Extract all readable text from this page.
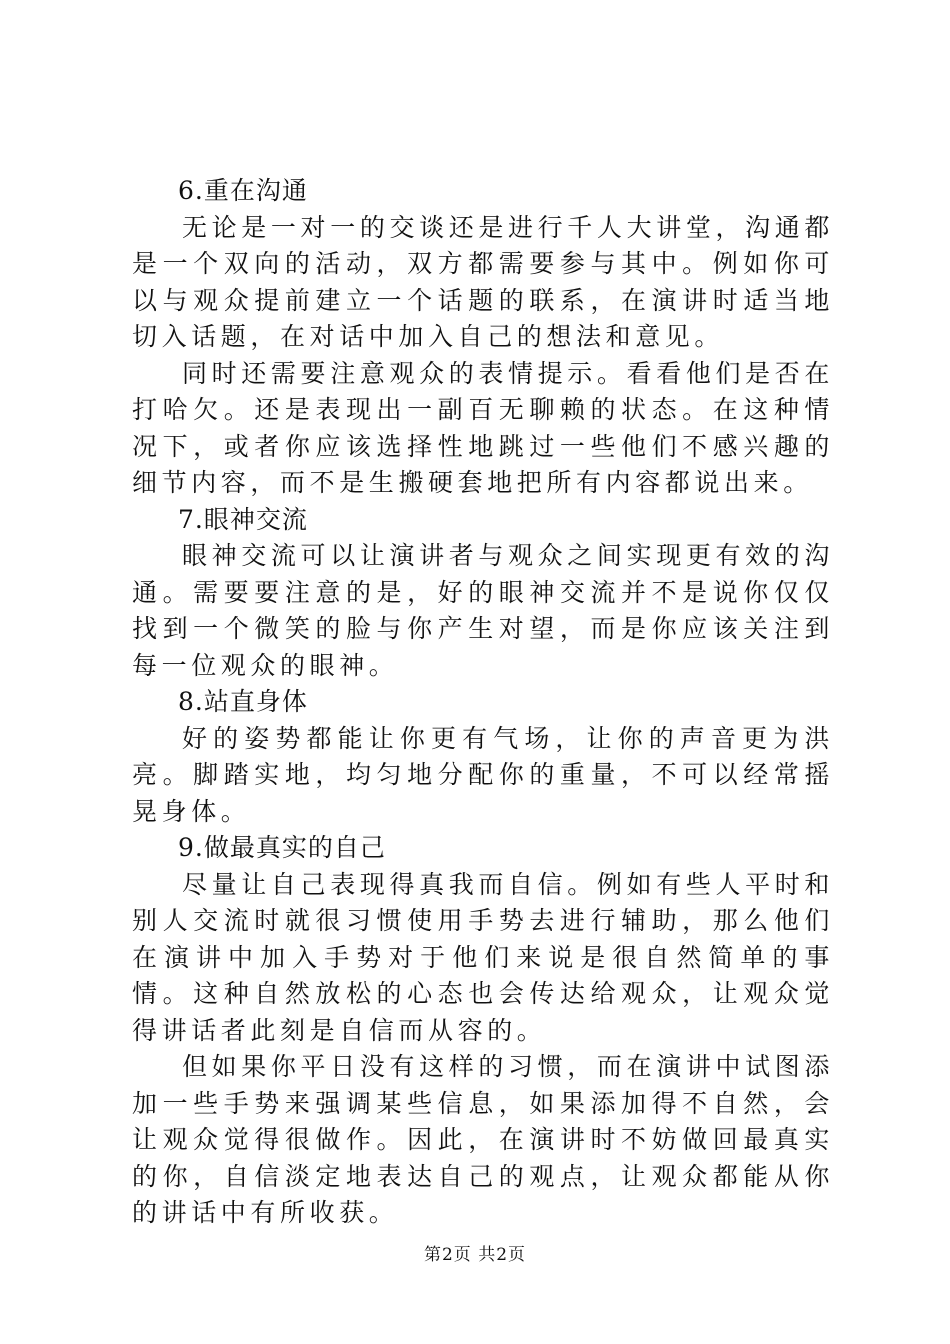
6.重在沟通

无论是一对一的交谈还是进行千人大讲堂，沟通都是一个双向的活动，双方都需要参与其中。例如你可以与观众提前建立一个话题的联系，在演讲时适当地切入话题，在对话中加入自己的想法和意见。

同时还需要注意观众的表情提示。看看他们是否在打哈欠。还是表现出一副百无聊赖的状态。在这种情况下，或者你应该选择性地跳过一些他们不感兴趣的细节内容，而不是生搬硬套地把所有内容都说出来。

7.眼神交流

眼神交流可以让演讲者与观众之间实现更有效的沟通。需要要注意的是，好的眼神交流并不是说你仅仅找到一个微笑的脸与你产生对望，而是你应该关注到每一位观众的眼神。

8.站直身体

好的姿势都能让你更有气场，让你的声音更为洪亮。脚踏实地，均匀地分配你的重量，不可以经常摇晃身体。

9.做最真实的自己

尽量让自己表现得真我而自信。例如有些人平时和别人交流时就很习惯使用手势去进行辅助，那么他们在演讲中加入手势对于他们来说是很自然简单的事情。这种自然放松的心态也会传达给观众，让观众觉得讲话者此刻是自信而从容的。

但如果你平日没有这样的习惯，而在演讲中试图添加一些手势来强调某些信息，如果添加得不自然，会让观众觉得很做作。因此，在演讲时不妨做回最真实的你，自信淡定地表达自己的观点，让观众都能从你的讲话中有所收获。

第2页 共2页
